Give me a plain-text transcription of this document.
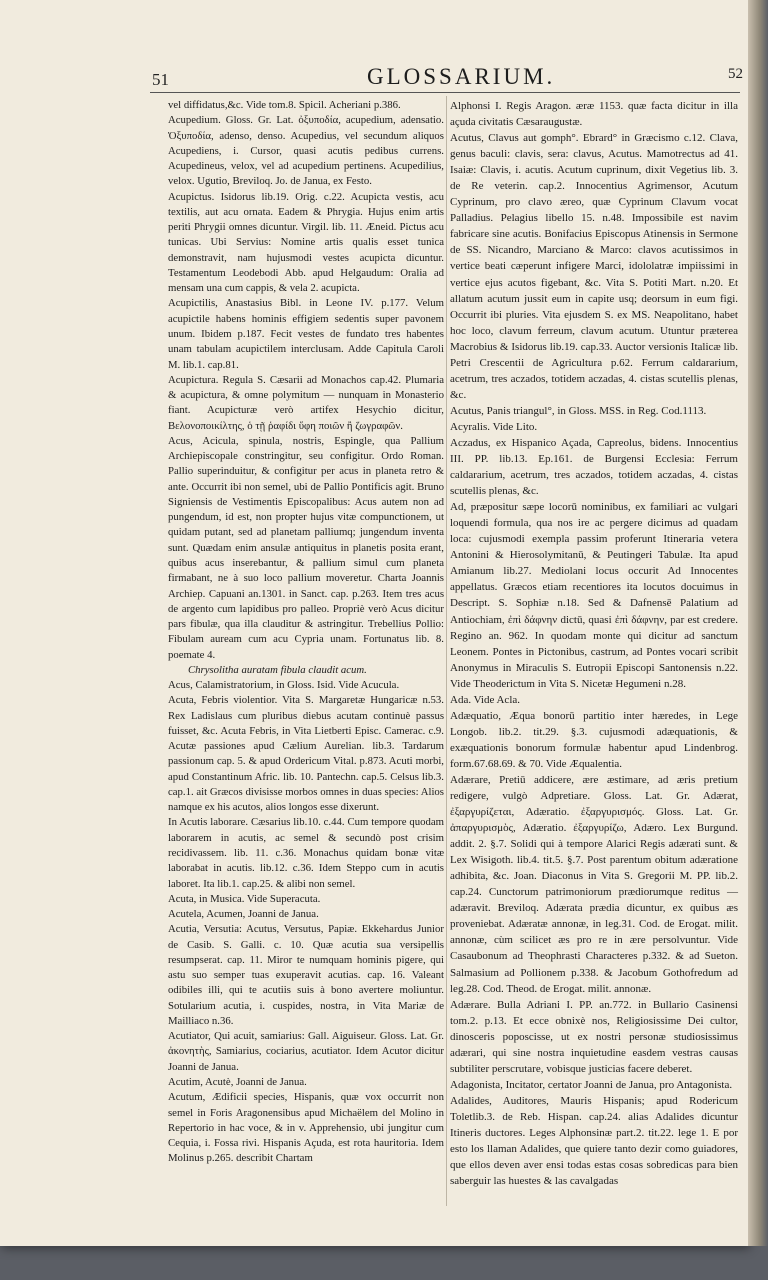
51	GLOSSARIUM.	52

vel diffidatus,&c. Vide tom.8. Spicil. Acheriani p.386.

Acupedium. Gloss. Gr. Lat. ὀξυποδία, acupedium, adensatio. Ὀξυποδία, adenso, denso. Acupedius, vel secundum aliquos Acupediens, i. Cursor, quasi acutis pedibus currens. Acupedineus, velox, vel ad acupedium pertinens. Acupedilius, velox. Ugutio, Breviloq. Jo. de Janua, ex Festo.

Acupictus. Isidorus lib.19. Orig. c.22. Acupicta vestis, acu textilis, aut acu ornata. Eadem & Phrygia. Hujus enim artis periti Phrygii omnes dicuntur. Virgil. lib. 11. Æneid. Pictus acu tunicas. Ubi Servius: Nomine artis qualis esset tunica demonstravit, nam hujusmodi vestes acupicta dicuntur. Testamentum Leodebodi Abb. apud Helgaudum: Oralia ad mensam una cum cappis, & vela 2. acupicta.

Acupictilis, Anastasius Bibl. in Leone IV. p.177. Velum acupictile habens hominis effigiem sedentis super pavonem unum. Ibidem p.187. Fecit vestes de fundato tres habentes unam tabulam acupictilem interclusam. Adde Capitula Caroli M. lib.1. cap.81.

Acupictura. Regula S. Cæsarii ad Monachos cap.42. Plumaria & acupictura, & omne polymitum — nunquam in Monasterio fiant. Acupicturæ verò artifex Hesychio dicitur, Βελονοποικίλτης, ὁ τῇ ῥαφίδι ὕφη ποιῶν ἢ ζωγραφῶν.

Acus, Acicula, spinula, nostris, Espingle, qua Pallium Archiepiscopale constringitur, seu configitur. Ordo Roman. Pallio superinduitur, & configitur per acus in planeta retro & ante. Occurrit ibi non semel, ubi de Pallio Pontificis agit. Bruno Signiensis de Vestimentis Episcopalibus: Acus autem non ad pungendum, id est, non propter hujus vitæ compunctionem, ut quidam putant, sed ad planetam palliumq; jungendum inventa sunt. Quædam enim ansulæ antiquitus in planetis posita erant, quibus acus inserebantur, & pallium simul cum planeta firmabant, ne à suo loco pallium moveretur. Charta Joannis Archiep. Capuani an.1301. in Sanct. cap. p.263. Item tres acus de argento cum lapidibus pro palleo. Propriè verò Acus dicitur pars fibulæ, qua illa clauditur & astringitur. Trebellius Pollio: Fibulam auream cum acu Cypria unam. Fortunatus lib. 8. poemate 4.

Chrysolitha auratam fibula claudit acum.

Acus, Calamistratorium, in Gloss. Isid. Vide Acucula.

Acuta, Febris violentior. Vita S. Margaretæ Hungaricæ n.53. Rex Ladislaus cum pluribus diebus acutam continuè passus fuisset, &c. Acuta Febris, in Vita Lietberti Episc. Camerac. c.9. Acutæ passiones apud Cælium Aurelian. lib.3. Tardarum passionum cap. 5. & apud Ordericum Vital. p.873. Acuti morbi, apud Constantinum Afric. lib. 10. Pantechn. cap.5. Celsus lib.3. cap.1. ait Græcos divisisse morbos omnes in duas species: Alios namque ex his acutos, alios longos esse dixerunt.

In Acutis laborare. Cæsarius lib.10. c.44. Cum tempore quodam laborarem in acutis, ac semel & secundò post crisim recidivassem. lib. 11. c.36. Monachus quidam bonæ vitæ laborabat in acutis. lib.12. c.36. Idem Steppo cum in acutis laboret. Ita lib.1. cap.25. & alibi non semel.

Acuta, in Musica. Vide Superacuta.

Acutela, Acumen, Joanni de Janua.

Acutia, Versutia: Acutus, Versutus, Papiæ. Ekkehardus Junior de Casib. S. Galli. c. 10. Quæ acutia sua versipellis resumpserat. cap. 11. Miror te numquam hominis pigere, qui astu suo semper tuas exuperavit acutias. cap. 16. Valeant odibiles illi, qui te acutiis suis à bono avertere moliuntur. Sotularium acutia, i. cuspides, nostra, in Vita Mariæ de Mailliaco n.36.

Acutiator, Qui acuit, samiarius: Gall. Aiguiseur. Gloss. Lat. Gr. ἀκονητὴς, Samiarius, cociarius, acutiator. Idem Acutor dicitur Joanni de Janua.

Acutim, Acutè, Joanni de Janua.

Acutum, Ædificii species, Hispanis, quæ vox occurrit non semel in Foris Aragonensibus apud Michaëlem del Molino in Repertorio in hac voce, & in v. Apprehensio, ubi jungitur cum Cequia, i. Fossa rivi. Hispanis Açuda, est rota hauritoria. Idem Molinus p.265. describit Chartam

Alphonsi I. Regis Aragon. æræ 1153. quæ facta dicitur in illa açuda civitatis Cæsaraugustæ.

Acutus, Clavus aut gomph°. Ebrard° in Græcismo c.12. Clava, genus baculi: clavis, sera: clavus, Acutus. Mamotrectus ad 41. Isaiæ: Clavis, i. acutis. Acutum cuprinum, dixit Vegetius lib. 3. de Re veterin. cap.2. Innocentius Agrimensor, Acutum Cyprinum, pro clavo æreo, quæ Cyprinum Clavum vocat Palladius. Pelagius libello 15. n.48. Impossibile est navim fabricare sine acutis. Bonifacius Episcopus Atinensis in Sermone de SS. Nicandro, Marciano & Marco: clavos acutissimos in vertice beati cæperunt infigere Marci, idololatræ impiissimi in vertice ejus acutos figebant, &c. Vita S. Potiti Mart. n.20. Et allatum acutum jussit eum in capite usq; deorsum in eum figi. Occurrit ibi pluries. Vita ejusdem S. ex MS. Neapolitano, habet hoc loco, clavum ferreum, clavum acutum. Utuntur præterea Macrobius & Isidorus lib.19. cap.33. Auctor versionis Italicæ lib. Petri Crescentii de Agricultura p.62. Ferrum caldararium, acetrum, tres aczados, totidem aczadas, 4. cistas scutellis plenas, &c.

Acutus, Panis triangul°, in Gloss. MSS. in Reg. Cod.1113.

Acyralis. Vide Lito.

Aczadus, ex Hispanico Açada, Capreolus, bidens. Innocentius III. PP. lib.13. Ep.161. de Burgensi Ecclesia: Ferrum caldararium, acetrum, tres aczados, totidem aczadas, 4. cistas scutellis plenas, &c.

Ad, præpositur sæpe locorū nominibus, ex familiari ac vulgari loquendi formula, qua nos ire ac pergere dicimus ad quadam loca: cujusmodi exempla passim proferunt Itineraria vetera Antonini & Hierosolymitanū, & Peutingeri Tabulæ. Ita apud Amianum lib.27. Mediolani locus occurit Ad Innocentes appellatus. Græcos etiam recentiores ita locutos docuimus in Descript. S. Sophiæ n.18. Sed & Dafnensē Palatium ad Antiochiam, ἐπὶ δάφνην dictū, quasi ἐπὶ δάφνην, par est credere. Regino an. 962. In quodam monte qui dicitur ad sanctum Leonem. Pontes in Pictonibus, castrum, ad Pontes vocari scribit Anonymus in Miraculis S. Eutropii Episcopi Santonensis n.22. Vide Theoderictum in Vita S. Nicetæ Hegumeni n.28.

Ada. Vide Acla.

Adæquatio, Æqua bonorū partitio inter hæredes, in Lege Longob. lib.2. tit.29. §.3. cujusmodi adæquationis, & exæquationis bonorum formulæ habentur apud Lindenbrog. form.67.68.69. & 70. Vide Æqualentia.

Adærare, Pretiū addicere, ære æstimare, ad æris pretium redigere, vulgò Adpretiare. Gloss. Lat. Gr. Adærat, ἐξαργυρίζεται, Adæratio. ἐξαργυρισμός. Gloss. Lat. Gr. ἀπαργυρισμὸς, Adæratio. ἐξαργυρίζω, Adæro. Lex Burgund. addit. 2. §.7. Solidi qui à tempore Alarici Regis adærati sunt. & Lex Wisigoth. lib.4. tit.5. §.7. Post parentum obitum adæratione adhibita, &c. Joan. Diaconus in Vita S. Gregorii M. PP. lib.2. cap.24. Cunctorum patrimoniorum prædiorumque reditus — adæravit. Breviloq. Adærata prædia dicuntur, ex quibus æs proveniebat. Adæratæ annonæ, in leg.31. Cod. de Erogat. milit. annonæ, cùm scilicet æs pro re in ære persolvuntur. Vide Casaubonum ad Theophrasti Characteres p.332. & ad Sueton. Salmasium ad Pollionem p.338. & Jacobum Gothofredum ad leg.28. Cod. Theod. de Erogat. milit. annonæ.

Adærare. Bulla Adriani I. PP. an.772. in Bullario Casinensi tom.2. p.13. Et ecce obnixè nos, Religiosissime Dei cultor, dinosceris poposcisse, ut ex nostri personæ studiosissimus adærari, qui sine nostra inquietudine easdem vestras causas subtiliter perscrutare, vobisque justicias facere deberet.

Adagonista, Incitator, certator Joanni de Janua, pro Antagonista.

Adalides, Auditores, Mauris Hispanis; apud Rodericum Toletlib.3. de Reb. Hispan. cap.24. alias Adalides dicuntur Itineris ductores. Leges Alphonsinæ part.2. tit.22. lege 1. E por esto los llaman Adalides, que quiere tanto dezir como guiadores, que ellos deven aver ensi todas estas cosas sobredicas para bien saberguir las huestes & las cavalgadas
